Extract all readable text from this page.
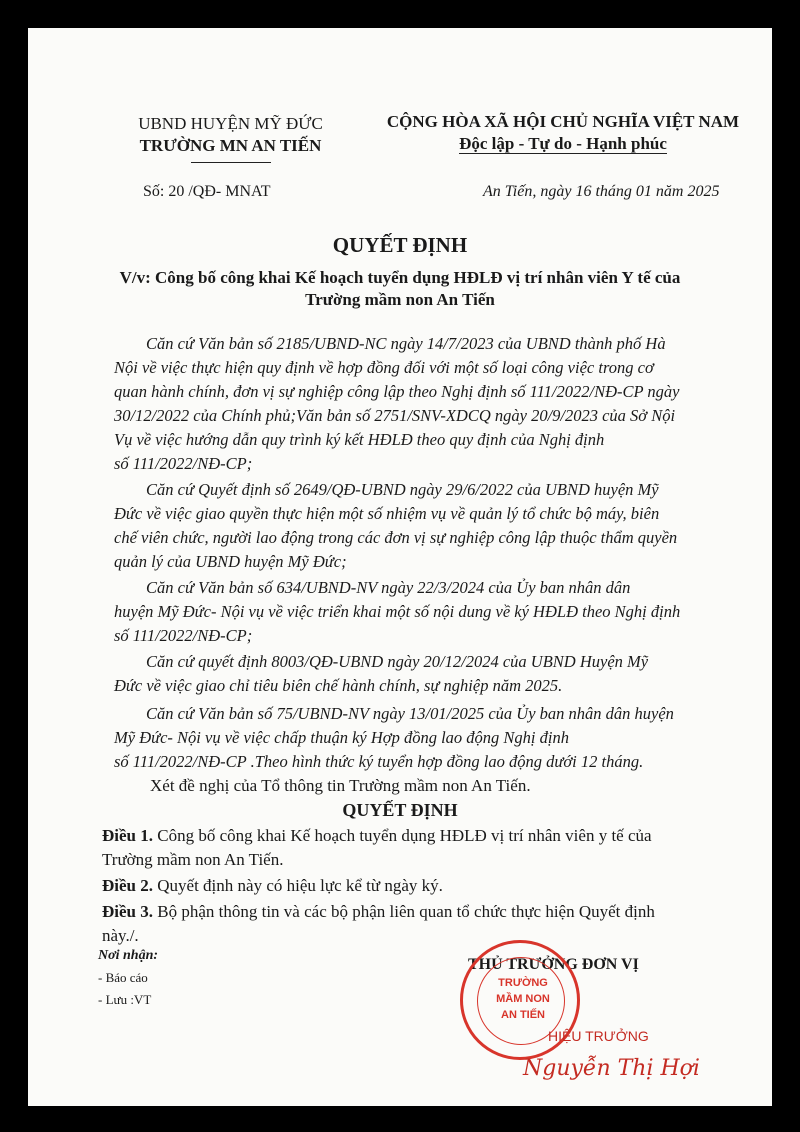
UBND HUYỆN MỸ ĐỨC
TRƯỜNG MN AN TIẾN
CỘNG HÒA XÃ HỘI CHỦ NGHĨA VIỆT NAM
Độc lập - Tự do - Hạnh phúc
Số: 20 /QĐ- MNAT	An Tiến, ngày 16 tháng 01 năm 2025
QUYẾT ĐỊNH
V/v: Công bố công khai Kế hoạch tuyển dụng HĐLĐ vị trí nhân viên Y tế của
Trường mầm non An Tiến
Căn cứ Văn bản số 2185/UBND-NC ngày 14/7/2023 của UBND thành phố Hà
Nội về việc thực hiện quy định về hợp đồng đối với một số loại công việc trong cơ
quan hành chính, đơn vị sự nghiệp công lập theo Nghị định số 111/2022/NĐ-CP ngày
30/12/2022 của Chính phủ;Văn bản số 2751/SNV-XDCQ ngày 20/9/2023 của Sở Nội
Vụ về việc hướng dẫn quy trình ký kết HĐLĐ theo quy định của Nghị định
số 111/2022/NĐ-CP;
Căn cứ Quyết định số 2649/QĐ-UBND ngày 29/6/2022 của UBND huyện Mỹ
Đức về việc giao quyền thực hiện một số nhiệm vụ về quản lý tổ chức bộ máy, biên
chế viên chức, người lao động trong các đơn vị sự nghiệp công lập thuộc thẩm quyền
quản lý của UBND huyện Mỹ Đức;
Căn cứ Văn bản số 634/UBND-NV ngày 22/3/2024 của Ủy ban nhân dân
huyện Mỹ Đức- Nội vụ về việc triển khai một số nội dung về ký HĐLĐ theo Nghị định
số 111/2022/NĐ-CP;
Căn cứ quyết định 8003/QĐ-UBND ngày 20/12/2024 của UBND Huyện Mỹ
Đức về việc giao chỉ tiêu biên chế hành chính, sự nghiệp năm 2025.
Căn cứ Văn bản số 75/UBND-NV ngày 13/01/2025 của Ủy ban nhân dân huyện
Mỹ Đức- Nội vụ về việc chấp thuận ký Hợp đồng lao động Nghị định
số 111/2022/NĐ-CP .Theo hình thức ký tuyển hợp đồng lao động dưới 12 tháng.
Xét đề nghị của Tổ thông tin Trường mầm non An Tiến.
QUYẾT ĐỊNH
Điều 1. Công bố công khai Kế hoạch tuyển dụng HĐLĐ vị trí nhân viên y tế của
Trường mầm non An Tiến.
Điều 2. Quyết định này có hiệu lực kể từ ngày ký.
Điều 3. Bộ phận thông tin và các bộ phận liên quan tổ chức thực hiện Quyết định
này./.
Nơi nhận:
- Báo cáo
- Lưu :VT
THỦ TRƯỞNG ĐƠN VỊ
TRƯỜNG
MẦM NON
AN TIẾN
HIỆU TRƯỞNG
Nguyễn Thị Hợi
